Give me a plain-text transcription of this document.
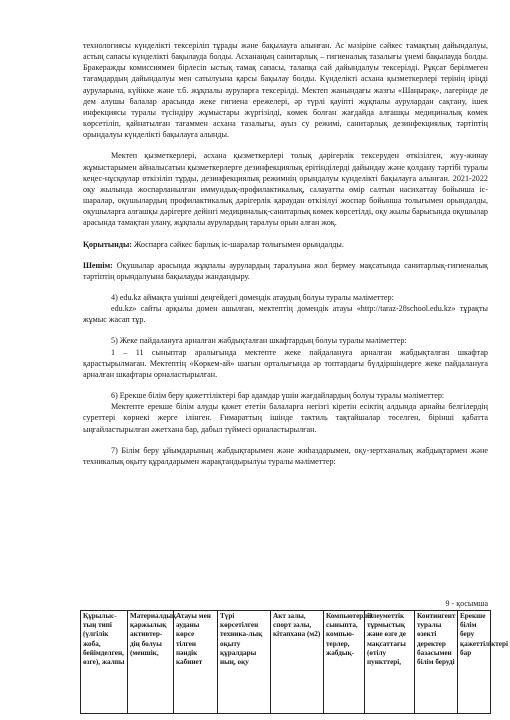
технологиясы күнделікті тексеріліп тұрады және бақылауға алынған. Ас мәзіріне сәйкес тамақтың дайындалуы, астың сапасы күнделікті бақылауда болды. Асханаңың санитарлық – гигиеналық тазалығы үнемі бақылауда болды. Бракеражды комиссиямен бірлесіп ыстық тамақ сапасы, талапқа сай дайындалуы тексерілді. Рұқсат берілмеген тағамдардың дайындалуы мен сатылуына қарсы бақылау болды. Күнделікті асхана қызметкерлері терінің іріңді ауруларына, күйікке және т.б. жұқпалы ауруларға тексерілді. Мектеп жанындағы жазғы «Шаңырақ», лагерінде де дем алушы балалар арасында жеке гигиена ережелері, әр түрлі қауіпті жұқпалы аурулардан сақтану, ішек инфекциясы туралы түсіндіру жұмыстары жүргізілді, көмек болған жағдайда алғашқы медициналық көмек көрсетіліп, қайнатылған тағаммен асхана тазалығы, ауыз су режимі, санитарлық дезинфекциялық тәртіптің орындалуы күнделікті бақылауға алынды.

Мектеп қызметкерлері, асхана қызметкерлері толық дәрігерлік тексеруден өткізілген, жуу-жинау жұмыстарымен айналысатын қызметкерлерге дезинфекциялық ерітінділерді дайындау және қолдану тәртібі туралы кеңес-нұсқаулар өткізіліп тұрды, дезинфекциялық режимнің орындалуы күнделікті бақылауға алынған. 2021-2022 оқу жылында жоспарланылған иммундық-профилактикалық, салауатты өмір салтын насихаттау бойынша іс-шаралар, оқушылардың профилактикалық дәрігерлік қараудан өткізілуі жоспар бойынша толығымен орындалды, оқушыларға алғашқы дәрігерге дейінгі медициналық-санитарлық көмек көрсетілді, оқу жылы барысында оқушылар арасында тамақтан улану, жұқпалы аурулардың таралуы орын алған жоқ.

Қорытынды: Жоспарға сәйкес барлық іс-шаралар толығымен орындалды.

Шешім: Оқушылар арасында жұқпалы аурулардың таралуына жол бермеу мақсатында санитарлық-гигиеналық тәртіптің орындалуына бақылауды жандандыру.

4) edu.kz аймақта үшінші деңгейдегі домендік атаудың болуы туралы мәліметтер:

edu.kz» сайты арқылы домен ашылған, мектептің домендік атауы «http://taraz-28school.edu.kz» тұрақты жұмыс жасап тұр.

5) Жеке пайдалануға арналған жабдықталған шкафтардың болуы туралы мәліметтер:

1 – 11 сыныптар аралығында мектепте жеке пайдалануға арналған жабдықталған шкафтар қарастырылмаған. Мектептің «Көркем-ай» шағын орталығында әр топтардағы бүлдіршіндерге жеке пайдалануға арналған шкафтары орналастырылған.

6) Ерекше білім беру қажеттіліктері бар адамдар үшін жағдайлардың болуы туралы мәліметтер:

Мектепте ерекше білім алуды қажет ететін балаларға негізгі кіретін есіктің алдында арнайы белгілердің суреттері көрнекі жерге ілінген. Ғимараттың ішінде тактиль тақтайшалар төселген, бірінші қабатта ыңғайластырылған әжетхана бар, дабыл түймесі орналастырылған.

7) Білім беру ұйымдарының жабдықтарымен және жиһаздарымен, оқу-зертханалық жабдықтармен және техникалық оқыту құралдарымен жарақтандырылуы туралы мәліметтер:

9 - қосымша
Құрылыс-тың типі (үлгілік жоба, бейімделген, өзге), жалпы	Материалдық-қаржылық активтер-дің болуы (меншік,	Атауы мен ауданы көрсе тілген пәндік кабинет	Түрі көрсетілген техника-лық оқыту құралдары ның, оқу	Акт залы, спорт залы, кітапхана (м2)	Компьютерлік сыныпта, компью-терлер, жабдық-	Әлеуметтік тұрмыстық және өзге де мақсаттағы (өтілу пункттері,	Контингент туралы өзекті деректер базасымен білім беруді	Ерекше білім беру қажеттіліктері бар
